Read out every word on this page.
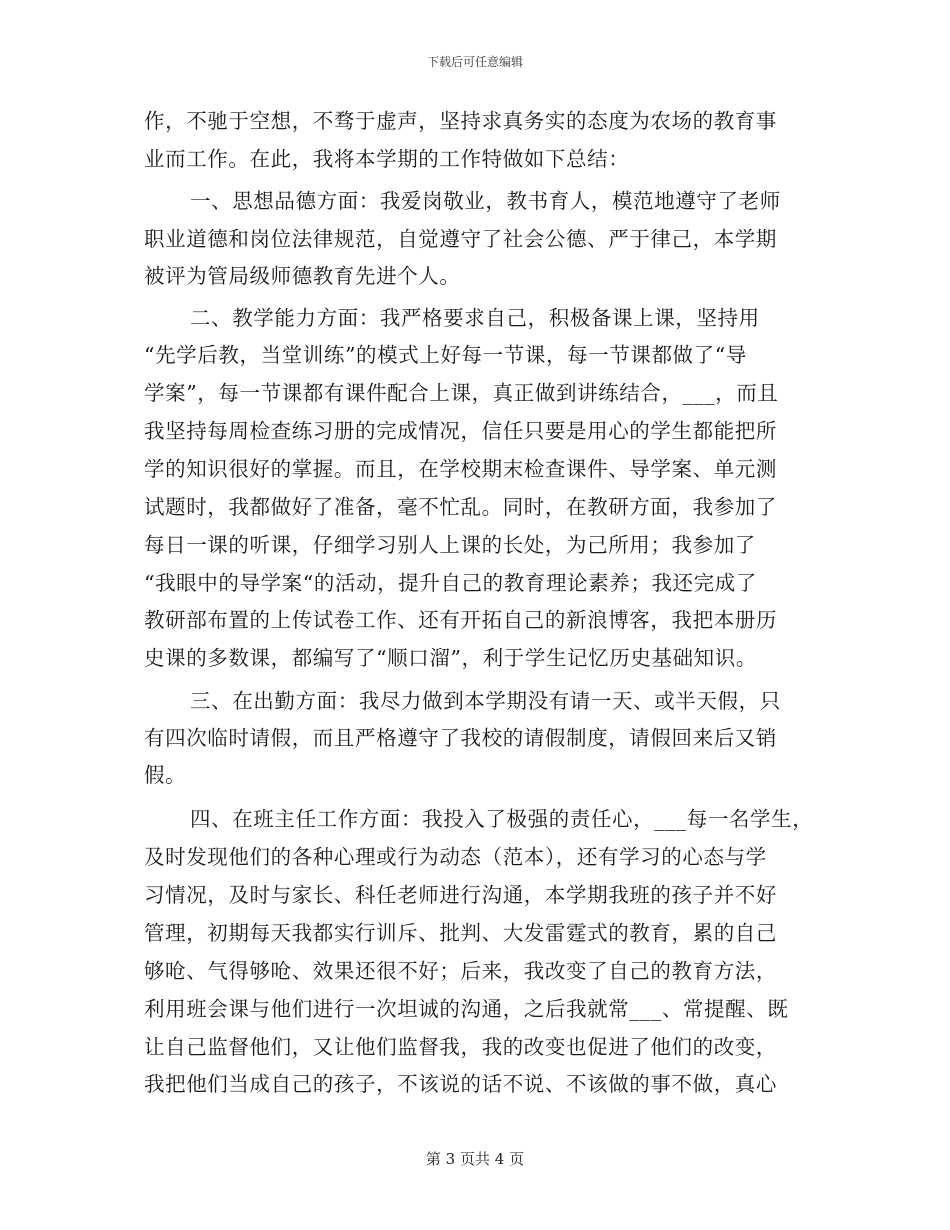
下载后可任意编辑
作，不驰于空想，不骛于虚声，坚持求真务实的态度为农场的教育事
业而工作。在此，我将本学期的工作特做如下总结：
一、思想品德方面：我爱岗敬业，教书育人，模范地遵守了老师
职业道德和岗位法律规范，自觉遵守了社会公德、严于律己，本学期
被评为管局级师德教育先进个人。
二、教学能力方面：我严格要求自己，积极备课上课，坚持用
“先学后教，当堂训练”的模式上好每一节课，每一节课都做了“导
学案”，每一节课都有课件配合上课，真正做到讲练结合，___，而且
我坚持每周检查练习册的完成情况，信任只要是用心的学生都能把所
学的知识很好的掌握。而且，在学校期末检查课件、导学案、单元测
试题时，我都做好了准备，毫不忙乱。同时，在教研方面，我参加了
每日一课的听课，仔细学习别人上课的长处，为己所用；我参加了
“我眼中的导学案“的活动，提升自己的教育理论素养；我还完成了
教研部布置的上传试卷工作、还有开拓自己的新浪博客，我把本册历
史课的多数课，都编写了“顺口溜”，利于学生记忆历史基础知识。
三、在出勤方面：我尽力做到本学期没有请一天、或半天假，只
有四次临时请假，而且严格遵守了我校的请假制度，请假回来后又销
假。
四、在班主任工作方面：我投入了极强的责任心，___每一名学生，
及时发现他们的各种心理或行为动态（范本），还有学习的心态与学
习情况，及时与家长、科任老师进行沟通，本学期我班的孩子并不好
管理，初期每天我都实行训斥、批判、大发雷霆式的教育，累的自己
够呛、气得够呛、效果还很不好；后来，我改变了自己的教育方法，
利用班会课与他们进行一次坦诚的沟通，之后我就常___、常提醒、既
让自己监督他们，又让他们监督我，我的改变也促进了他们的改变，
我把他们当成自己的孩子，不该说的话不说、不该做的事不做，真心
第 3 页共 4 页
